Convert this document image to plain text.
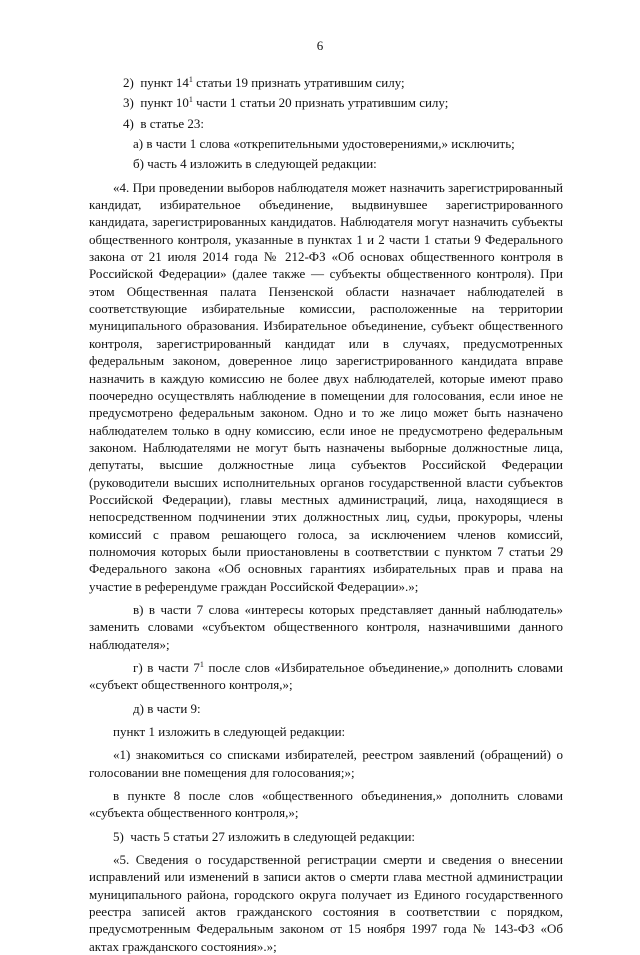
6

2)  пункт $14^1$ статьи 19 признать утратившим силу;

3)  пункт $10^1$ части 1 статьи 20 признать утратившим силу;

4)  в статье 23:

а) в части 1 слова «открепительными удостоверениями,» исключить;

б) часть 4 изложить в следующей редакции:

«4. При проведении выборов наблюдателя может назначить зарегистрированный кандидат, избирательное объединение, выдвинувшее зарегистрированного кандидата, зарегистрированных кандидатов. Наблюдателя могут назначить субъекты общественного контроля, указанные в пунктах 1 и 2 части 1 статьи 9 Федерального закона от 21 июля 2014 года № 212-ФЗ «Об основах общественного контроля в Российской Федерации» (далее также — субъекты общественного контроля). При этом Общественная палата Пензенской области назначает наблюдателей в соответствующие избирательные комиссии, расположенные на территории муниципального образования. Избирательное объединение, субъект общественного контроля, зарегистрированный кандидат или в случаях, предусмотренных федеральным законом, доверенное лицо зарегистрированного кандидата вправе назначить в каждую комиссию не более двух наблюдателей, которые имеют право поочередно осуществлять наблюдение в помещении для голосования, если иное не предусмотрено федеральным законом. Одно и то же лицо может быть назначено наблюдателем только в одну комиссию, если иное не предусмотрено федеральным законом. Наблюдателями не могут быть назначены выборные должностные лица, депутаты, высшие должностные лица субъектов Российской Федерации (руководители высших исполнительных органов государственной власти субъектов Российской Федерации), главы местных администраций, лица, находящиеся в непосредственном подчинении этих должностных лиц, судьи, прокуроры, члены комиссий с правом решающего голоса, за исключением членов комиссий, полномочия которых были приостановлены в соответствии с пунктом 7 статьи 29 Федерального закона «Об основных гарантиях избирательных прав и права на участие в референдуме граждан Российской Федерации».»;

в) в части 7 слова «интересы которых представляет данный наблюдатель» заменить словами «субъектом общественного контроля, назначившими данного наблюдателя»;

г) в части $7^1$ после слов «Избирательное объединение,» дополнить словами «субъект общественного контроля,»;

д) в части 9:

пункт 1 изложить в следующей редакции:

«1) знакомиться со списками избирателей, реестром заявлений (обращений) о голосовании вне помещения для голосования;»;

в пункте 8 после слов «общественного объединения,» дополнить словами «субъекта общественного контроля,»;

5)  часть 5 статьи 27 изложить в следующей редакции:

«5. Сведения о государственной регистрации смерти и сведения о внесении исправлений или изменений в записи актов о смерти глава местной администрации муниципального района, городского округа получает из Единого государственного реестра записей актов гражданского состояния в соответствии с порядком, предусмотренным Федеральным законом от 15 ноября 1997 года № 143-ФЗ «Об актах гражданского состояния».»;
